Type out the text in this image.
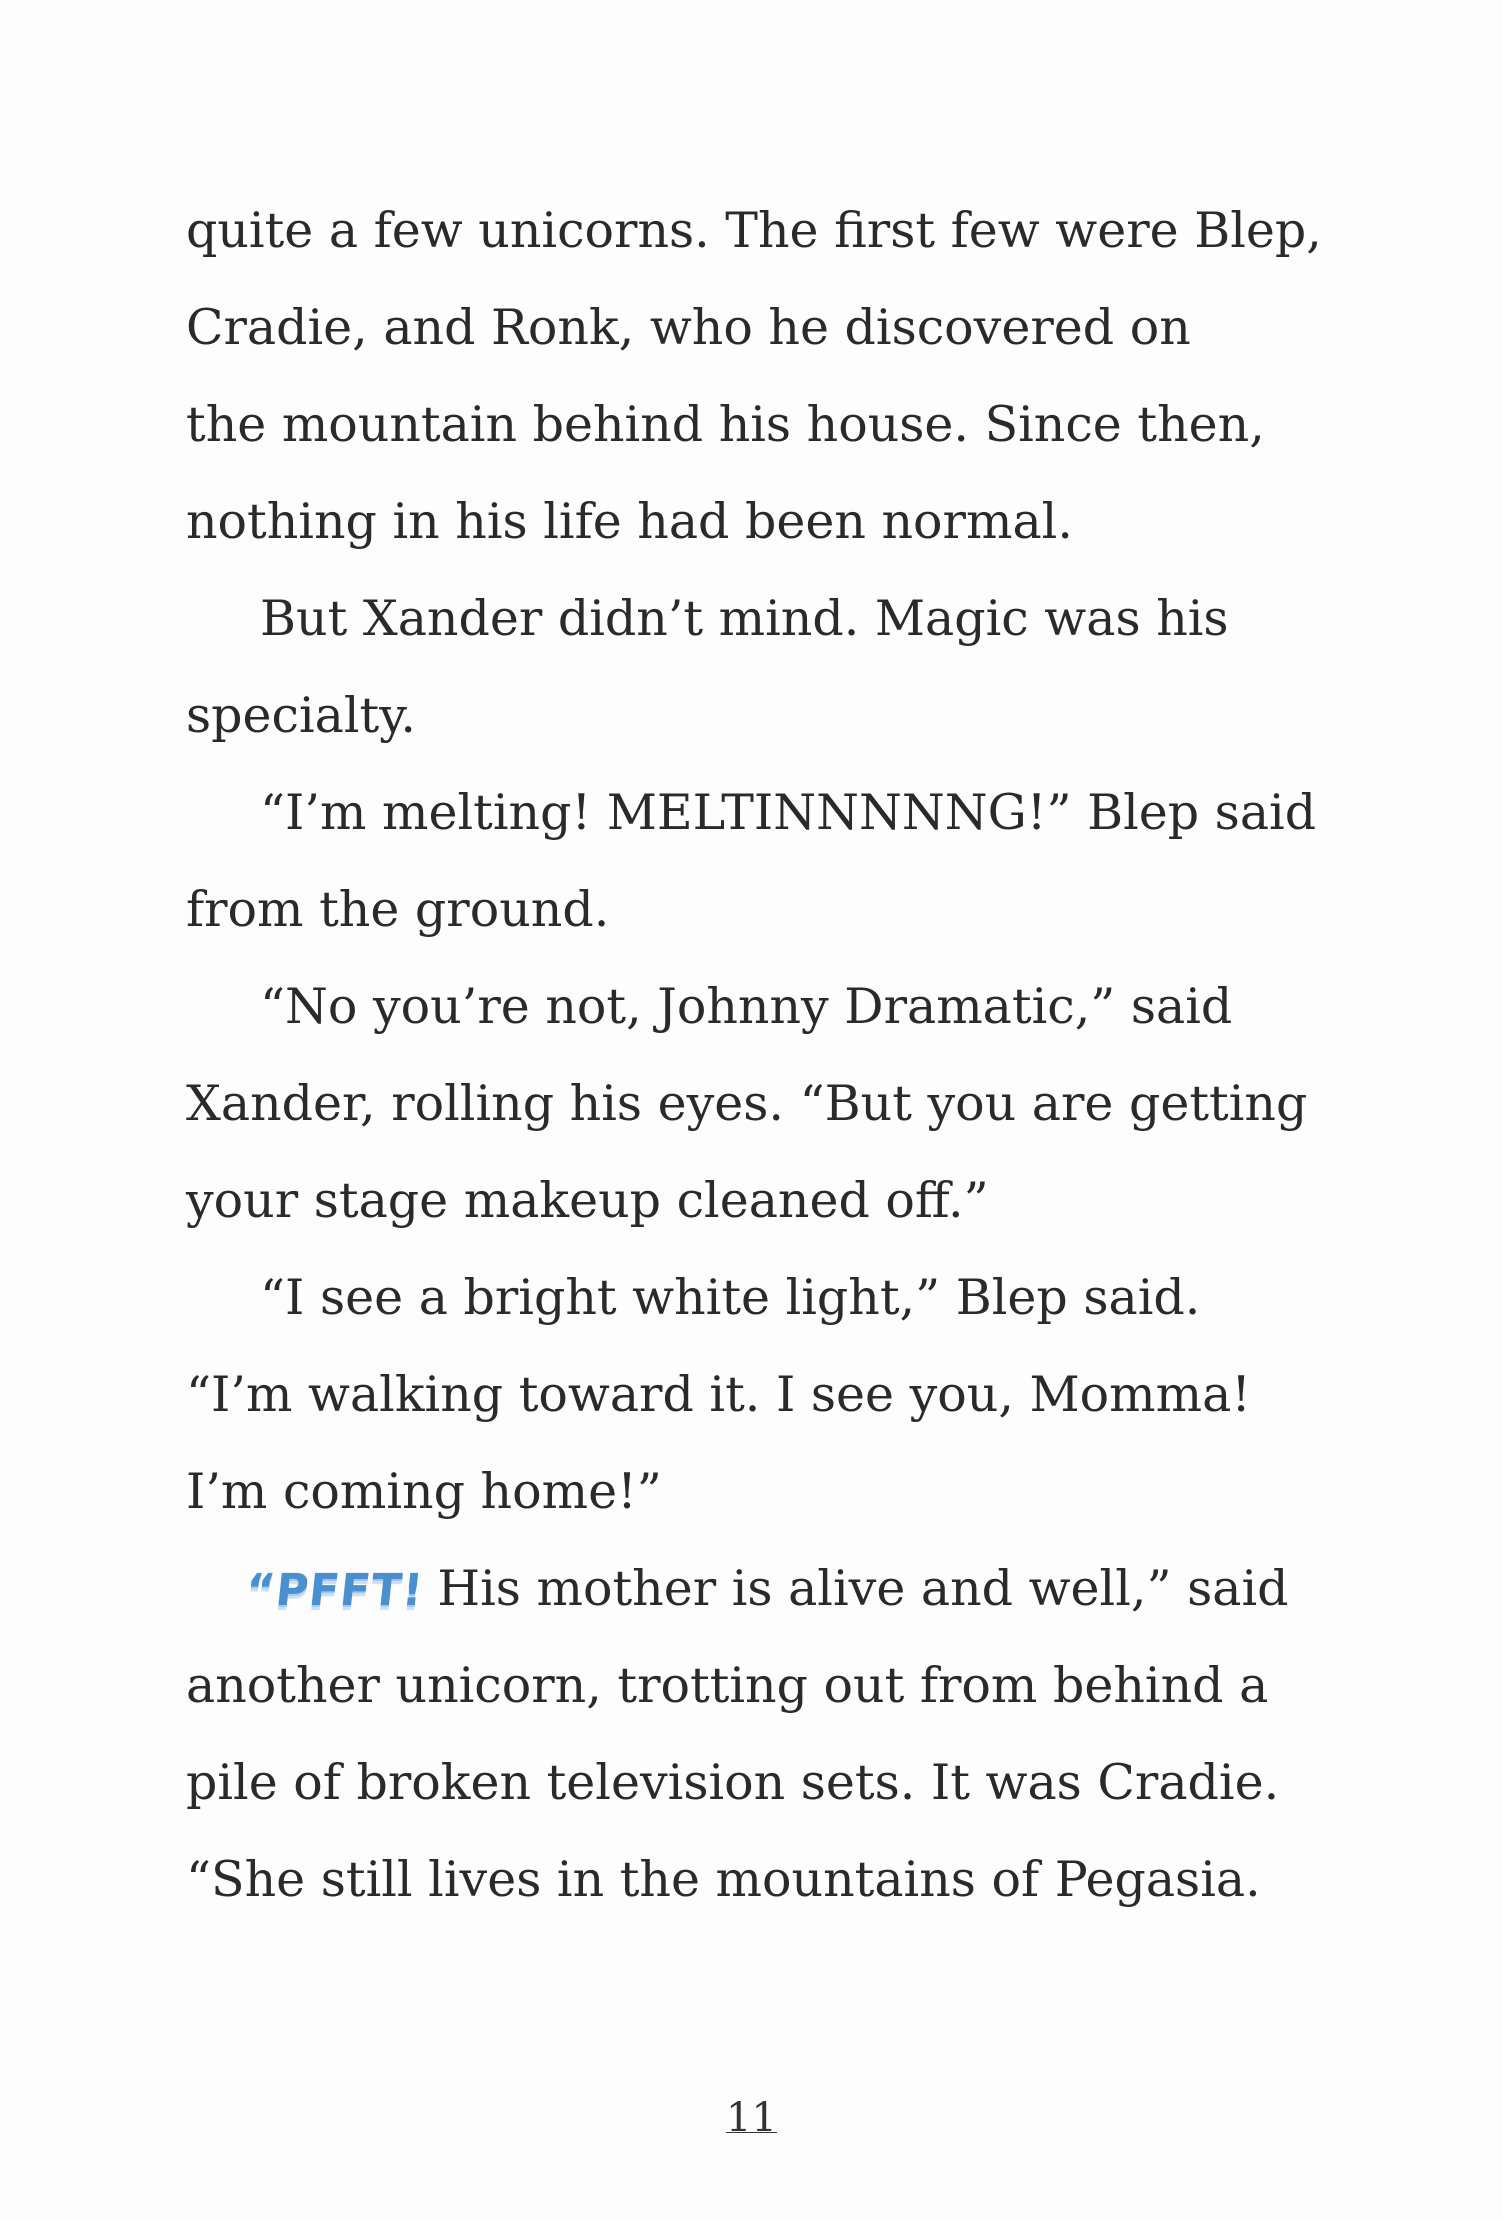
quite a few unicorns. The first few were Blep,
Cradie, and Ronk, who he discovered on
the mountain behind his house. Since then,
nothing in his life had been normal.
But Xander didn’t mind. Magic was his
specialty.
“I’m melting! MELTINNNNNG!” Blep said
from the ground.
“No you’re not, Johnny Dramatic,” said
Xander, rolling his eyes. “But you are getting
your stage makeup cleaned off.”
“I see a bright white light,” Blep said.
“I’m walking toward it. I see you, Momma!
I’m coming home!”
“PFFT! His mother is alive and well,” said
another unicorn, trotting out from behind a
pile of broken television sets. It was Cradie.
“She still lives in the mountains of Pegasia.
11
